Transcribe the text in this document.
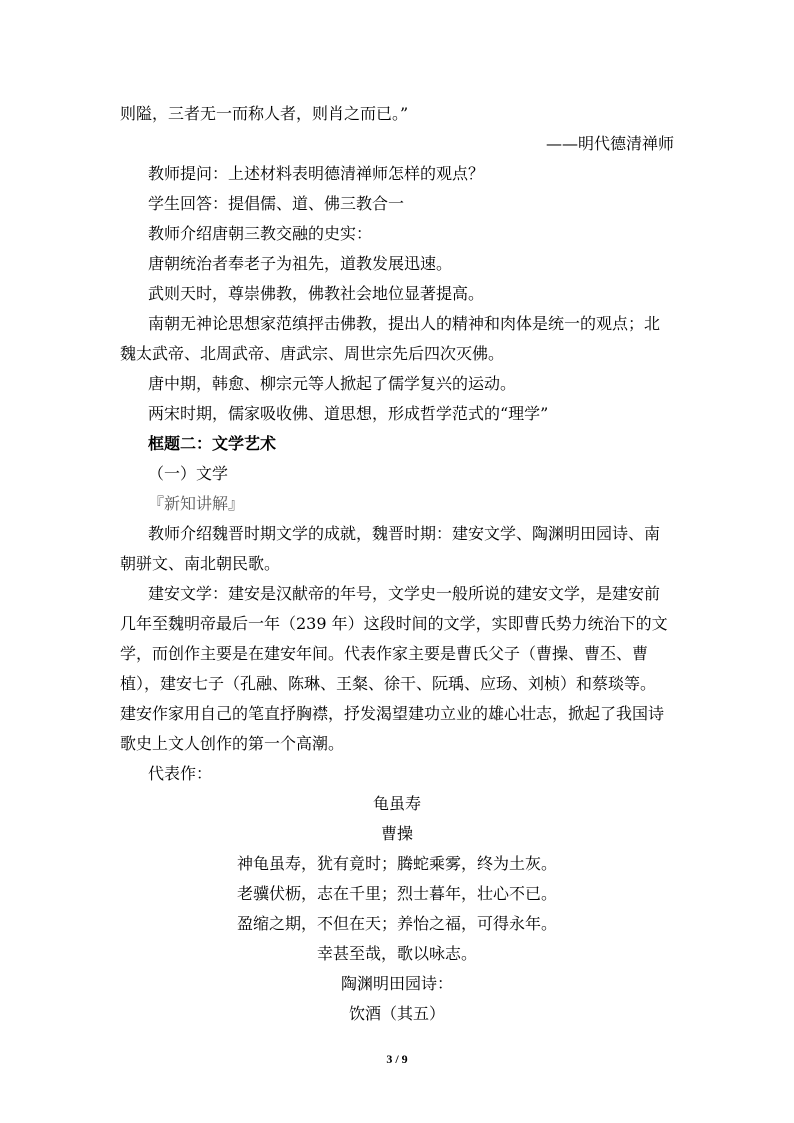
则隘，三者无一而称人者，则肖之而已。”
——明代德清禅师
教师提问：上述材料表明德清禅师怎样的观点？
学生回答：提倡儒、道、佛三教合一
教师介绍唐朝三教交融的史实：
唐朝统治者奉老子为祖先，道教发展迅速。
武则天时，尊崇佛教，佛教社会地位显著提高。
南朝无神论思想家范缜抨击佛教，提出人的精神和肉体是统一的观点；北
魏太武帝、北周武帝、唐武宗、周世宗先后四次灭佛。
唐中期，韩愈、柳宗元等人掀起了儒学复兴的运动。
两宋时期，儒家吸收佛、道思想，形成哲学范式的“理学”
框题二：文学艺术
（一）文学
『新知讲解』
教师介绍魏晋时期文学的成就，魏晋时期：建安文学、陶渊明田园诗、南
朝骈文、南北朝民歌。
建安文学：建安是汉献帝的年号，文学史一般所说的建安文学，是建安前
几年至魏明帝最后一年（239 年）这段时间的文学，实即曹氏势力统治下的文
学，而创作主要是在建安年间。代表作家主要是曹氏父子（曹操、曹丕、曹
植），建安七子（孔融、陈琳、王粲、徐干、阮瑀、应玚、刘桢）和蔡琰等。
建安作家用自己的笔直抒胸襟，抒发渴望建功立业的雄心壮志，掀起了我国诗
歌史上文人创作的第一个高潮。
代表作：
龟虽寿
曹操
神龟虽寿，犹有竟时；腾蛇乘雾，终为土灰。
老骥伏枥，志在千里；烈士暮年，壮心不已。
盈缩之期，不但在天；养怡之福，可得永年。
幸甚至哉，歌以咏志。
陶渊明田园诗：
饮酒（其五）
3 / 9
